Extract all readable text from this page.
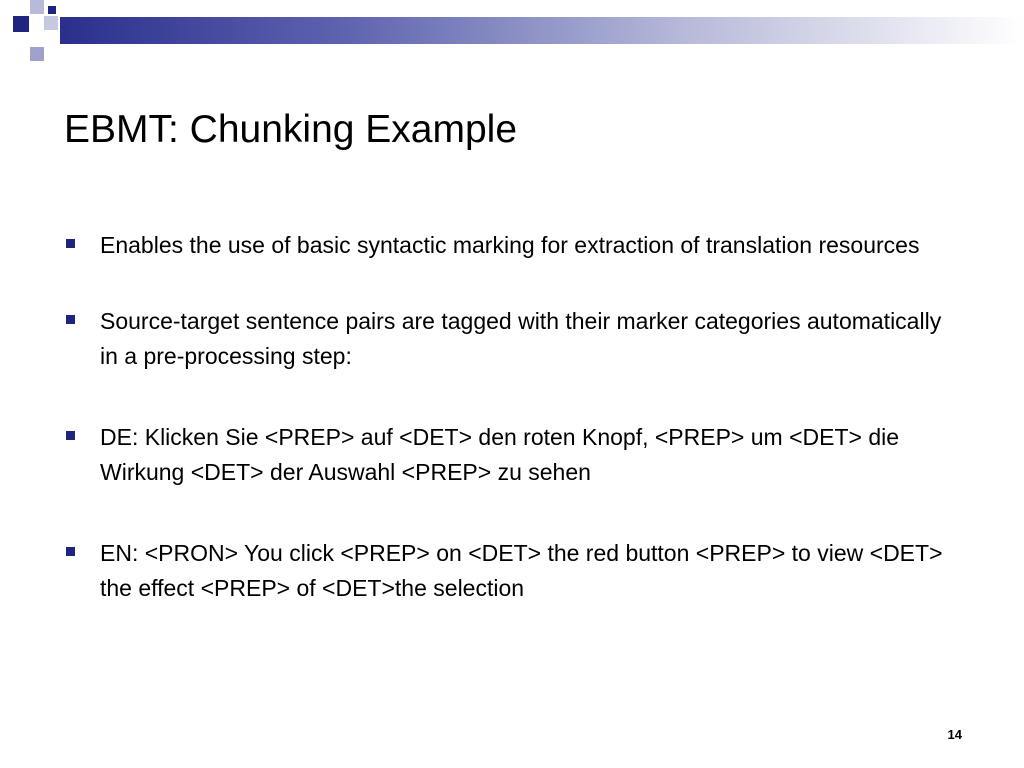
EBMT: Chunking Example
Enables the use of basic syntactic marking for extraction of translation resources
Source-target sentence pairs are tagged with their marker categories automatically in a pre-processing step:
DE: Klicken Sie <PREP> auf <DET> den roten Knopf, <PREP> um <DET> die Wirkung <DET> der Auswahl <PREP> zu sehen
EN: <PRON> You click <PREP> on <DET> the red button <PREP> to view <DET> the effect <PREP> of <DET>the selection
14
